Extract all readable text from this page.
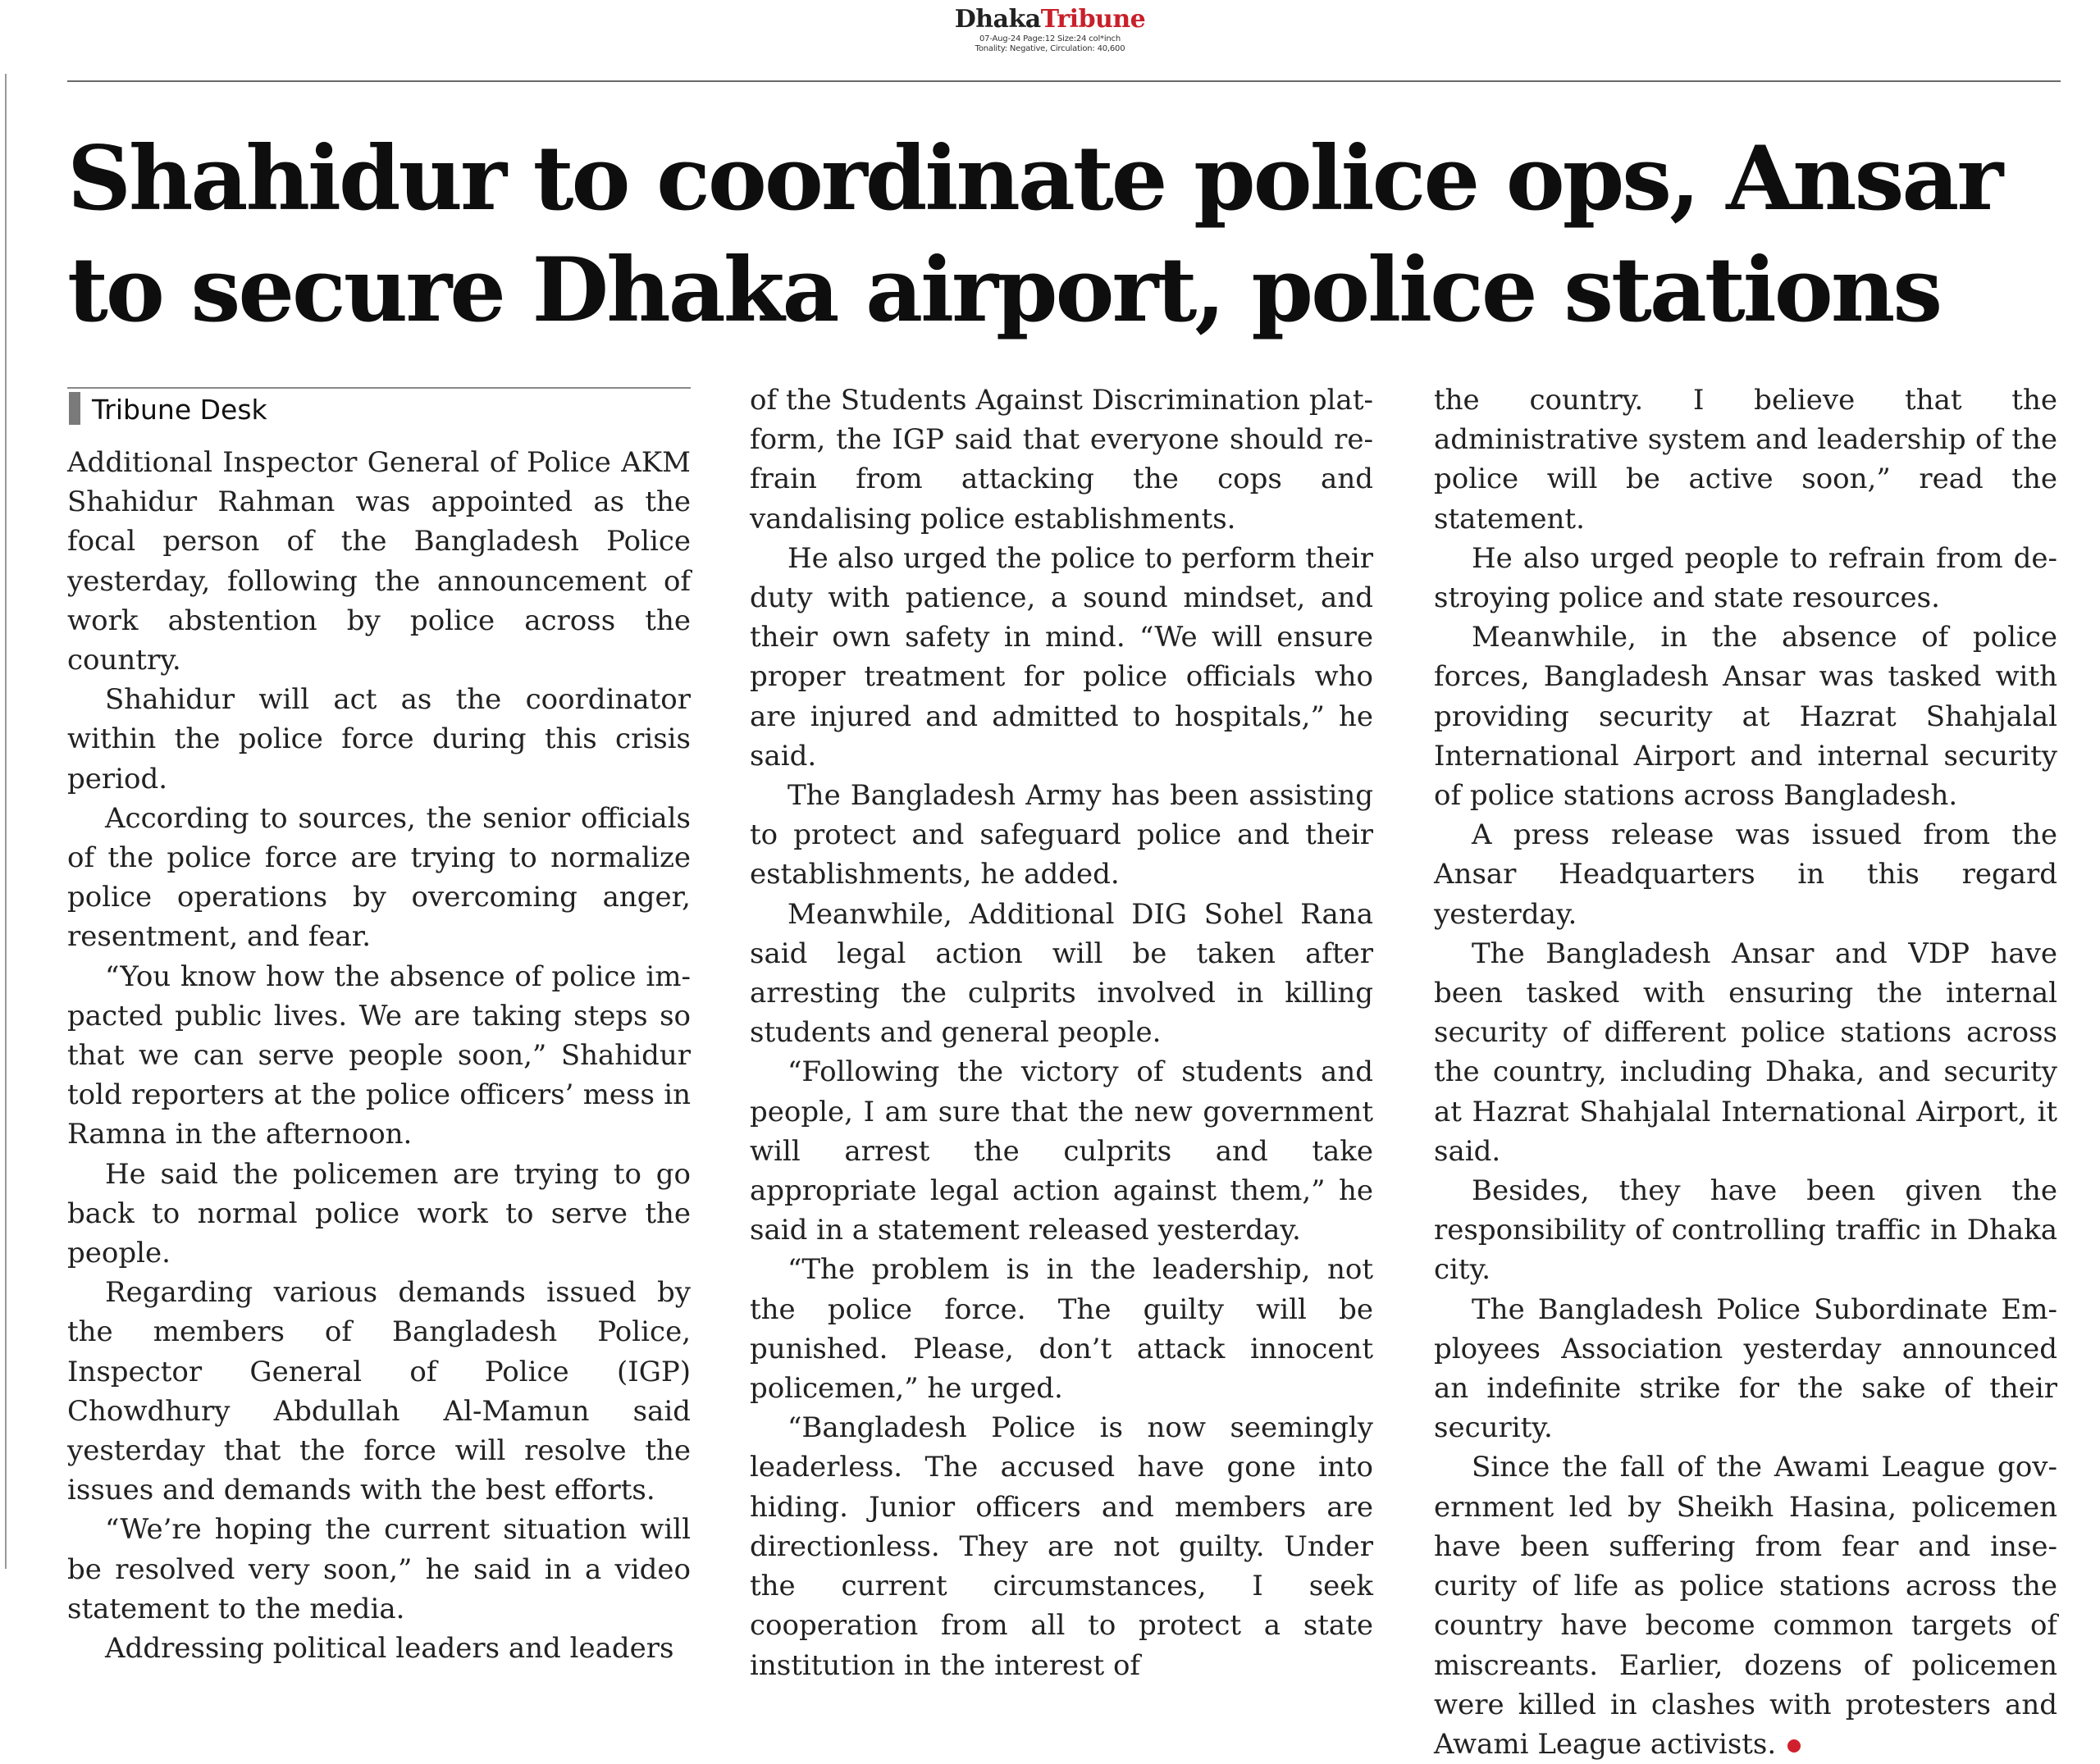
DhakaTribune
07-Aug-24 Page:12 Size:24 col*inch
Tonality: Negative, Circulation: 40,600
Shahidur to coordinate police ops, Ansar
to secure Dhaka airport, police stations
Tribune Desk

Additional Inspector General of Police AKM Shahidur Rahman was appointed as the focal person of the Bangladesh Police yesterday, following the announcement of work abstention by police across the country.

Shahidur will act as the coordinator within the police force during this crisis period.

According to sources, the senior officials of the police force are trying to normalize police operations by overcoming anger, resentment, and fear.

“You know how the absence of police impacted public lives. We are taking steps so that we can serve people soon,” Shahidur told reporters at the police officers’ mess in Ramna in the afternoon.

He said the policemen are trying to go back to normal police work to serve the people.

Regarding various demands issued by the members of Bangladesh Police, Inspector General of Police (IGP) Chowdhury Abdullah Al-Mamun said yesterday that the force will resolve the issues and demands with the best efforts.

“We’re hoping the current situation will be resolved very soon,” he said in a video statement to the media.

Addressing political leaders and leaders

of the Students Against Discrimination platform, the IGP said that everyone should refrain from attacking the cops and vandalising police establishments.

He also urged the police to perform their duty with patience, a sound mindset, and their own safety in mind. “We will ensure proper treatment for police officials who are injured and admitted to hospitals,” he said.

The Bangladesh Army has been assisting to protect and safeguard police and their establishments, he added.

Meanwhile, Additional DIG Sohel Rana said legal action will be taken after arresting the culprits involved in killing students and general people.

“Following the victory of students and people, I am sure that the new government will arrest the culprits and take appropriate legal action against them,” he said in a statement released yesterday.

“The problem is in the leadership, not the police force. The guilty will be punished. Please, don’t attack innocent policemen,” he urged.

“Bangladesh Police is now seemingly leaderless. The accused have gone into hiding. Junior officers and members are directionless. They are not guilty. Under the current circumstances, I seek cooperation from all to protect a state institution in the interest of

the country. I believe that the administrative system and leadership of the police will be active soon,” read the statement.

He also urged people to refrain from destroying police and state resources.

Meanwhile, in the absence of police forces, Bangladesh Ansar was tasked with providing security at Hazrat Shahjalal International Airport and internal security of police stations across Bangladesh.

A press release was issued from the Ansar Headquarters in this regard yesterday.

The Bangladesh Ansar and VDP have been tasked with ensuring the internal security of different police stations across the country, including Dhaka, and security at Hazrat Shahjalal International Airport, it said.

Besides, they have been given the responsibility of controlling traffic in Dhaka city.

The Bangladesh Police Subordinate Employees Association yesterday announced an indefinite strike for the sake of their security.

Since the fall of the Awami League government led by Sheikh Hasina, policemen have been suffering from fear and insecurity of life as police stations across the country have become common targets of miscreants. Earlier, dozens of policemen were killed in clashes with protesters and Awami League activists.
